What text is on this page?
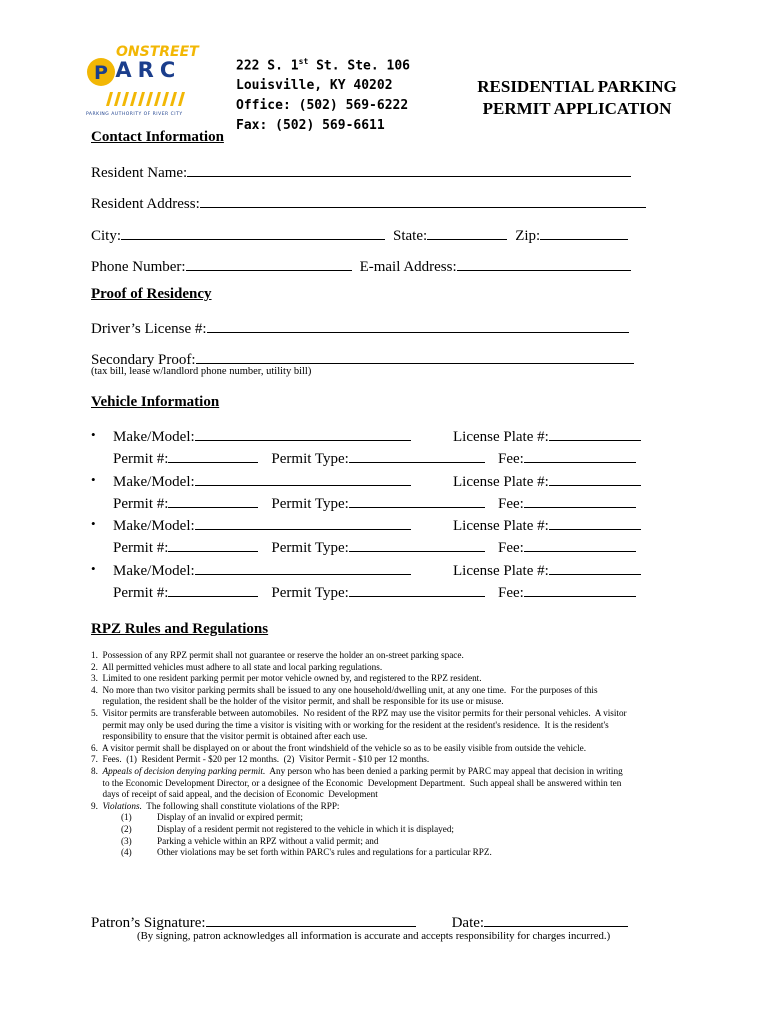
ONSTREET
P ARC
PARKING AUTHORITY OF RIVER CITY
222 S. 1st St. Ste. 106
Louisville, KY 40202
Office: (502) 569-6222
Fax: (502) 569-6611
RESIDENTIAL PARKING
PERMIT APPLICATION
Contact Information
Resident Name:
Resident Address:
City:	State:	Zip:
Phone Number:	E-mail Address:
Proof of Residency
Driver’s License #:
Secondary Proof:
(tax bill, lease w/landlord phone number, utility bill)
Vehicle Information
• Make/Model:	License Plate #:
Permit #:	Permit Type:	Fee:
• Make/Model:	License Plate #:
Permit #:	Permit Type:	Fee:
• Make/Model:	License Plate #:
Permit #:	Permit Type:	Fee:
• Make/Model:	License Plate #:
Permit #:	Permit Type:	Fee:
RPZ Rules and Regulations
1.  Possession of any RPZ permit shall not guarantee or reserve the holder an on-street parking space.
2.  All permitted vehicles must adhere to all state and local parking regulations.
3.  Limited to one resident parking permit per motor vehicle owned by, and registered to the RPZ resident.
4.  No more than two visitor parking permits shall be issued to any one household/dwelling unit, at any one time.  For the purposes of this
regulation, the resident shall be the holder of the visitor permit, and shall be responsible for its use or misuse.
5.  Visitor permits are transferable between automobiles.  No resident of the RPZ may use the visitor permits for their personal vehicles.  A visitor
permit may only be used during the time a visitor is visiting with or working for the resident at the resident's residence.  It is the resident's
responsibility to ensure that the visitor permit is obtained after each use.
6.  A visitor permit shall be displayed on or about the front windshield of the vehicle so as to be easily visible from outside the vehicle.
7.  Fees.  (1)  Resident Permit - $20 per 12 months.  (2)  Visitor Permit - $10 per 12 months.
8.  Appeals of decision denying parking permit.  Any person who has been denied a parking permit by PARC may appeal that decision in writing
to the Economic Development Director, or a designee of the Economic  Development Department.  Such appeal shall be answered within ten
days of receipt of said appeal, and the decision of Economic  Development
9.  Violations.  The following shall constitute violations of the RPP:
(1)	Display of an invalid or expired permit;
(2)	Display of a resident permit not registered to the vehicle in which it is displayed;
(3)	Parking a vehicle within an RPZ without a valid permit; and
(4)	Other violations may be set forth within PARC's rules and regulations for a particular RPZ.
Patron’s Signature:	Date:
(By signing, patron acknowledges all information is accurate and accepts responsibility for charges incurred.)
